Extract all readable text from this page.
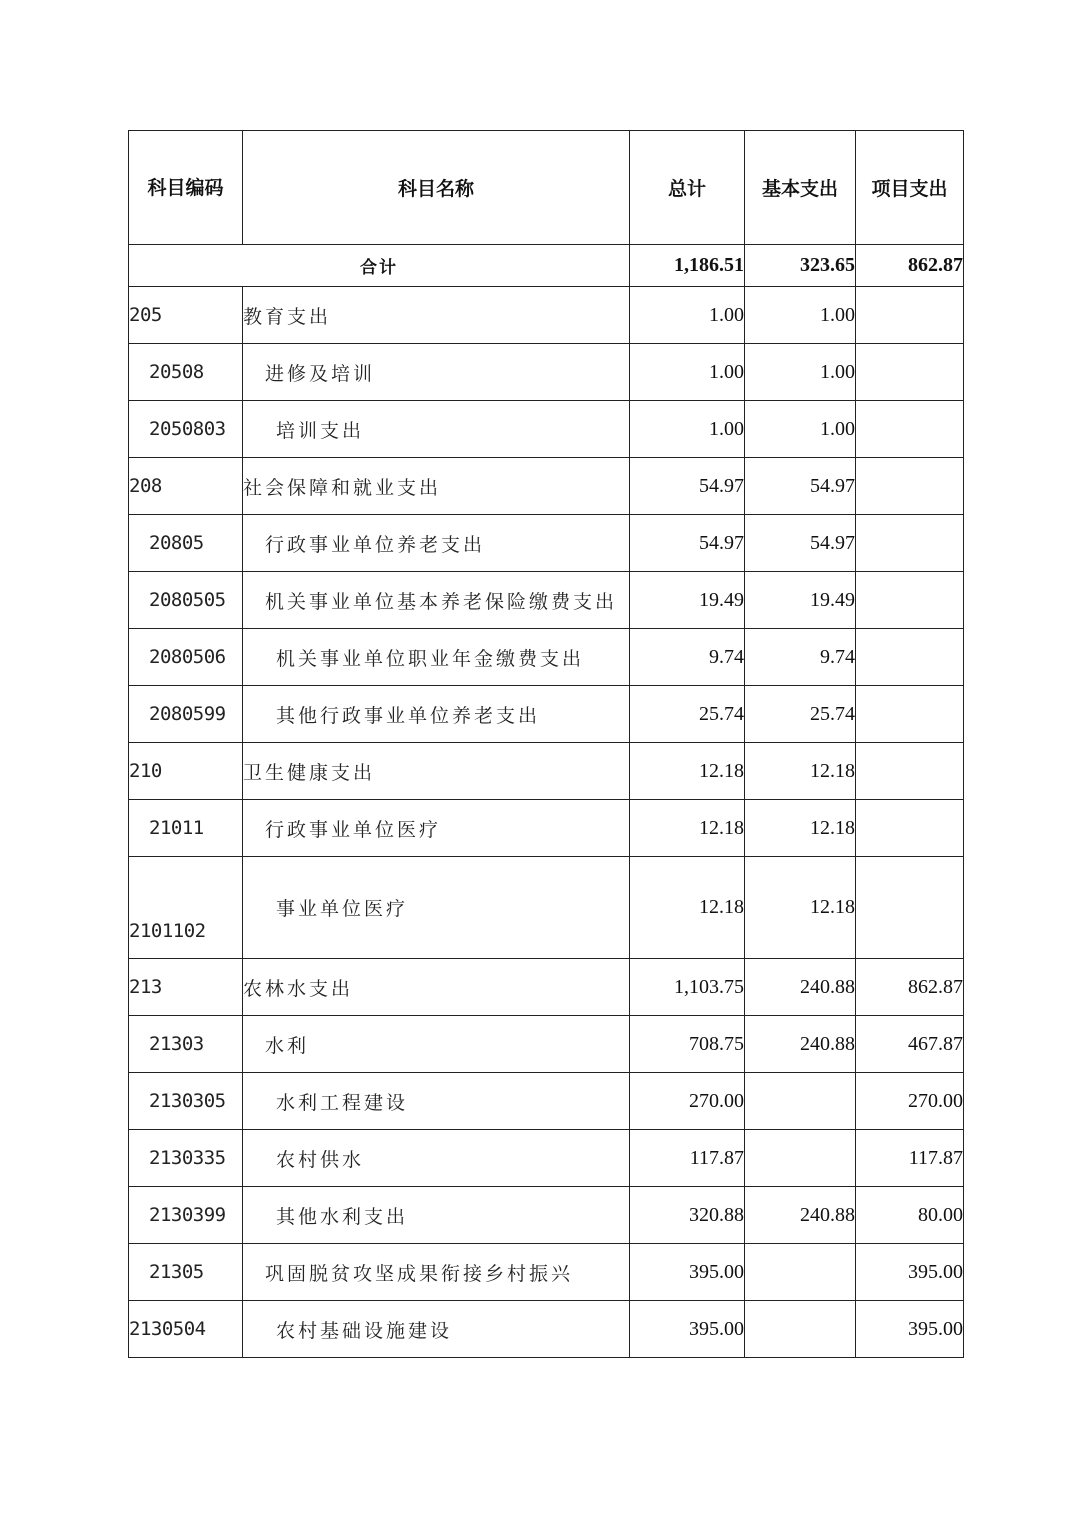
科目编码	科目名称	总计	基本支出	项目支出
合计		1,186.51	323.65	862.87
205	教育支出	1.00	1.00	
20508	进修及培训	1.00	1.00	
2050803	培训支出	1.00	1.00	
208	社会保障和就业支出	54.97	54.97	
20805	行政事业单位养老支出	54.97	54.97	
2080505	机关事业单位基本养老保险缴费支出	19.49	19.49	
2080506	机关事业单位职业年金缴费支出	9.74	9.74	
2080599	其他行政事业单位养老支出	25.74	25.74	
210	卫生健康支出	12.18	12.18	
21011	行政事业单位医疗	12.18	12.18	
2101102	事业单位医疗	12.18	12.18	
213	农林水支出	1,103.75	240.88	862.87
21303	水利	708.75	240.88	467.87
2130305	水利工程建设	270.00		270.00
2130335	农村供水	117.87		117.87
2130399	其他水利支出	320.88	240.88	80.00
21305	巩固脱贫攻坚成果衔接乡村振兴	395.00		395.00
2130504	农村基础设施建设	395.00		395.00
